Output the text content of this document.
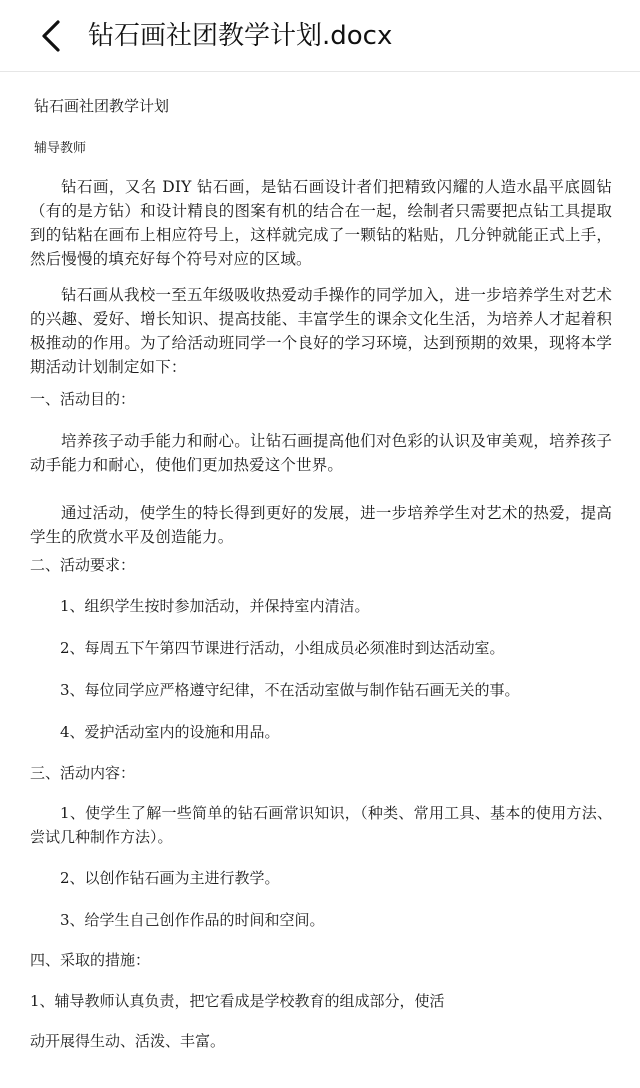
钻石画社团教学计划.docx
钻石画社团教学计划
辅导教师
钻石画，又名 DIY 钻石画，是钻石画设计者们把精致闪耀的人造水晶平底圆钻（有的是方钻）和设计精良的图案有机的结合在一起，绘制者只需要把点钻工具提取到的钻粘在画布上相应符号上，这样就完成了一颗钻的粘贴，几分钟就能正式上手，然后慢慢的填充好每个符号对应的区域。
钻石画从我校一至五年级吸收热爱动手操作的同学加入，进一步培养学生对艺术的兴趣、爱好、增长知识、提高技能、丰富学生的课余文化生活，为培养人才起着积极推动的作用。为了给活动班同学一个良好的学习环境，达到预期的效果，现将本学期活动计划制定如下：
一、活动目的：
培养孩子动手能力和耐心。让钻石画提高他们对色彩的认识及审美观，培养孩子动手能力和耐心，使他们更加热爱这个世界。
通过活动，使学生的特长得到更好的发展，进一步培养学生对艺术的热爱，提高学生的欣赏水平及创造能力。
二、活动要求：
1、组织学生按时参加活动，并保持室内清洁。
2、每周五下午第四节课进行活动，小组成员必须准时到达活动室。
3、每位同学应严格遵守纪律，不在活动室做与制作钻石画无关的事。
4、爱护活动室内的设施和用品。
三、活动内容：
1、使学生了解一些简单的钻石画常识知识，（种类、常用工具、基本的使用方法、尝试几种制作方法）。
2、以创作钻石画为主进行教学。
3、给学生自己创作作品的时间和空间。
四、采取的措施：
1、辅导教师认真负责，把它看成是学校教育的组成部分，使活
动开展得生动、活泼、丰富。
